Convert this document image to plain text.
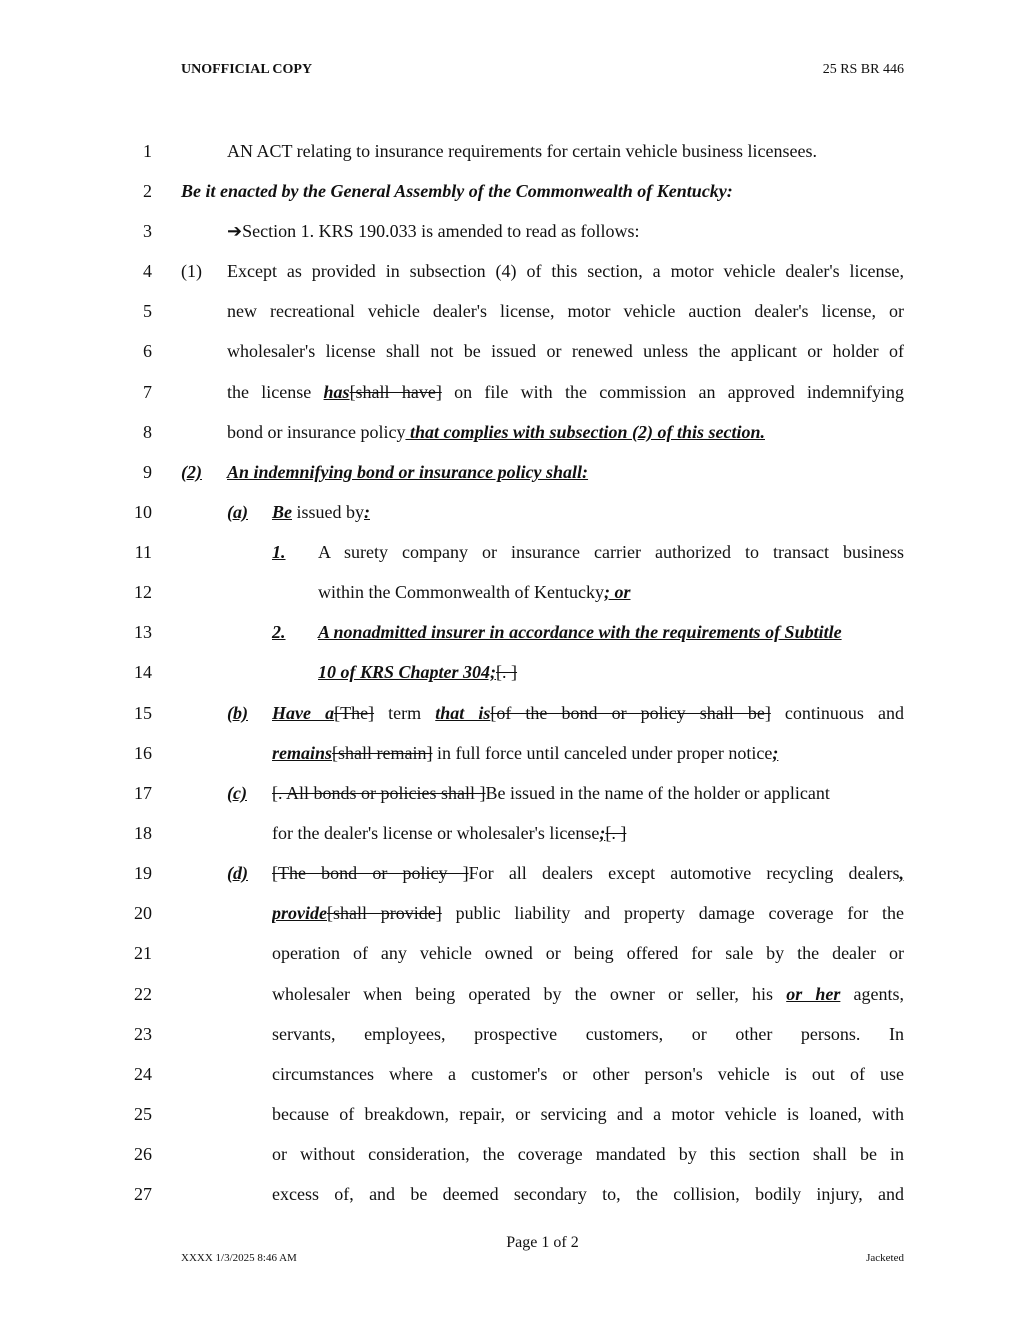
UNOFFICIAL COPY	25 RS BR 446
1	AN ACT relating to insurance requirements for certain vehicle business licensees.
2 Be it enacted by the General Assembly of the Commonwealth of Kentucky:
3	➔Section 1. KRS 190.033 is amended to read as follows:
4 (1)	Except as provided in subsection (4) of this section, a motor vehicle dealer's license,
5	new recreational vehicle dealer's license, motor vehicle auction dealer's license, or
6	wholesaler's license shall not be issued or renewed unless the applicant or holder of
7	the license has[shall have] on file with the commission an approved indemnifying
8	bond or insurance policy that complies with subsection (2) of this section.
9 (2)	An indemnifying bond or insurance policy shall:
10	(a)	Be issued by:
11	1.	A surety company or insurance carrier authorized to transact business
12	within the Commonwealth of Kentucky; or
13	2.	A nonadmitted insurer in accordance with the requirements of Subtitle
14	10 of KRS Chapter 304;[. ]
15	(b)	Have a[The] term that is[of the bond or policy shall be] continuous and
16	remains[shall remain] in full force until canceled under proper notice;
17	(c)	[. All bonds or policies shall ]Be issued in the name of the holder or applicant
18	for the dealer's license or wholesaler's license;[. ]
19	(d)	[The bond or policy ]For all dealers except automotive recycling dealers,
20	provide[shall provide] public liability and property damage coverage for the
21	operation of any vehicle owned or being offered for sale by the dealer or
22	wholesaler when being operated by the owner or seller, his or her agents,
23	servants, employees, prospective customers, or other persons. In
24	circumstances where a customer's or other person's vehicle is out of use
25	because of breakdown, repair, or servicing and a motor vehicle is loaned, with
26	or without consideration, the coverage mandated by this section shall be in
27	excess of, and be deemed secondary to, the collision, bodily injury, and
Page 1 of 2
XXXX 1/3/2025 8:46 AM	Jacketed
